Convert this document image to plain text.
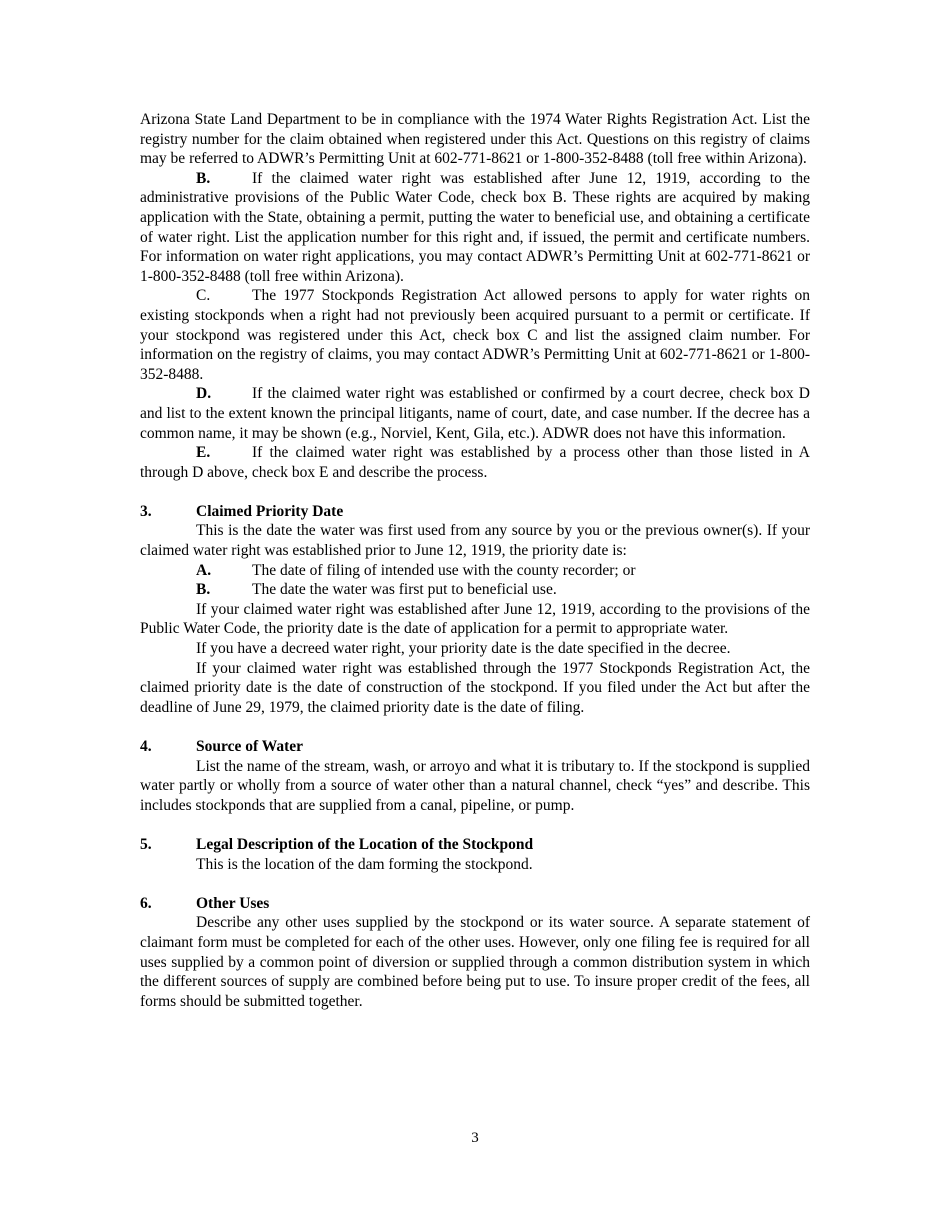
Arizona State Land Department to be in compliance with the 1974 Water Rights Registration Act. List the registry number for the claim obtained when registered under this Act. Questions on this registry of claims may be referred to ADWR’s Permitting Unit at 602-771-8621 or 1-800-352-8488 (toll free within Arizona).

B.	If the claimed water right was established after June 12, 1919, according to the administrative provisions of the Public Water Code, check box B. These rights are acquired by making application with the State, obtaining a permit, putting the water to beneficial use, and obtaining a certificate of water right. List the application number for this right and, if issued, the permit and certificate numbers. For information on water right applications, you may contact ADWR’s Permitting Unit at 602-771-8621 or 1-800-352-8488 (toll free within Arizona).

C.	The 1977 Stockponds Registration Act allowed persons to apply for water rights on existing stockponds when a right had not previously been acquired pursuant to a permit or certificate. If your stockpond was registered under this Act, check box C and list the assigned claim number. For information on the registry of claims, you may contact ADWR’s Permitting Unit at 602-771-8621 or 1-800-352-8488.

D.	If the claimed water right was established or confirmed by a court decree, check box D and list to the extent known the principal litigants, name of court, date, and case number. If the decree has a common name, it may be shown (e.g., Norviel, Kent, Gila, etc.). ADWR does not have this information.

E.	If the claimed water right was established by a process other than those listed in A through D above, check box E and describe the process.

3.	Claimed Priority Date

This is the date the water was first used from any source by you or the previous owner(s). If your claimed water right was established prior to June 12, 1919, the priority date is:

A.	The date of filing of intended use with the county recorder; or
B.	The date the water was first put to beneficial use.

If your claimed water right was established after June 12, 1919, according to the provisions of the Public Water Code, the priority date is the date of application for a permit to appropriate water.

If you have a decreed water right, your priority date is the date specified in the decree.

If your claimed water right was established through the 1977 Stockponds Registration Act, the claimed priority date is the date of construction of the stockpond. If you filed under the Act but after the deadline of June 29, 1979, the claimed priority date is the date of filing.

4.	Source of Water

List the name of the stream, wash, or arroyo and what it is tributary to. If the stockpond is supplied water partly or wholly from a source of water other than a natural channel, check “yes” and describe. This includes stockponds that are supplied from a canal, pipeline, or pump.

5.	Legal Description of the Location of the Stockpond

This is the location of the dam forming the stockpond.

6.	Other Uses

Describe any other uses supplied by the stockpond or its water source. A separate statement of claimant form must be completed for each of the other uses. However, only one filing fee is required for all uses supplied by a common point of diversion or supplied through a common distribution system in which the different sources of supply are combined before being put to use. To insure proper credit of the fees, all forms should be submitted together.

3
